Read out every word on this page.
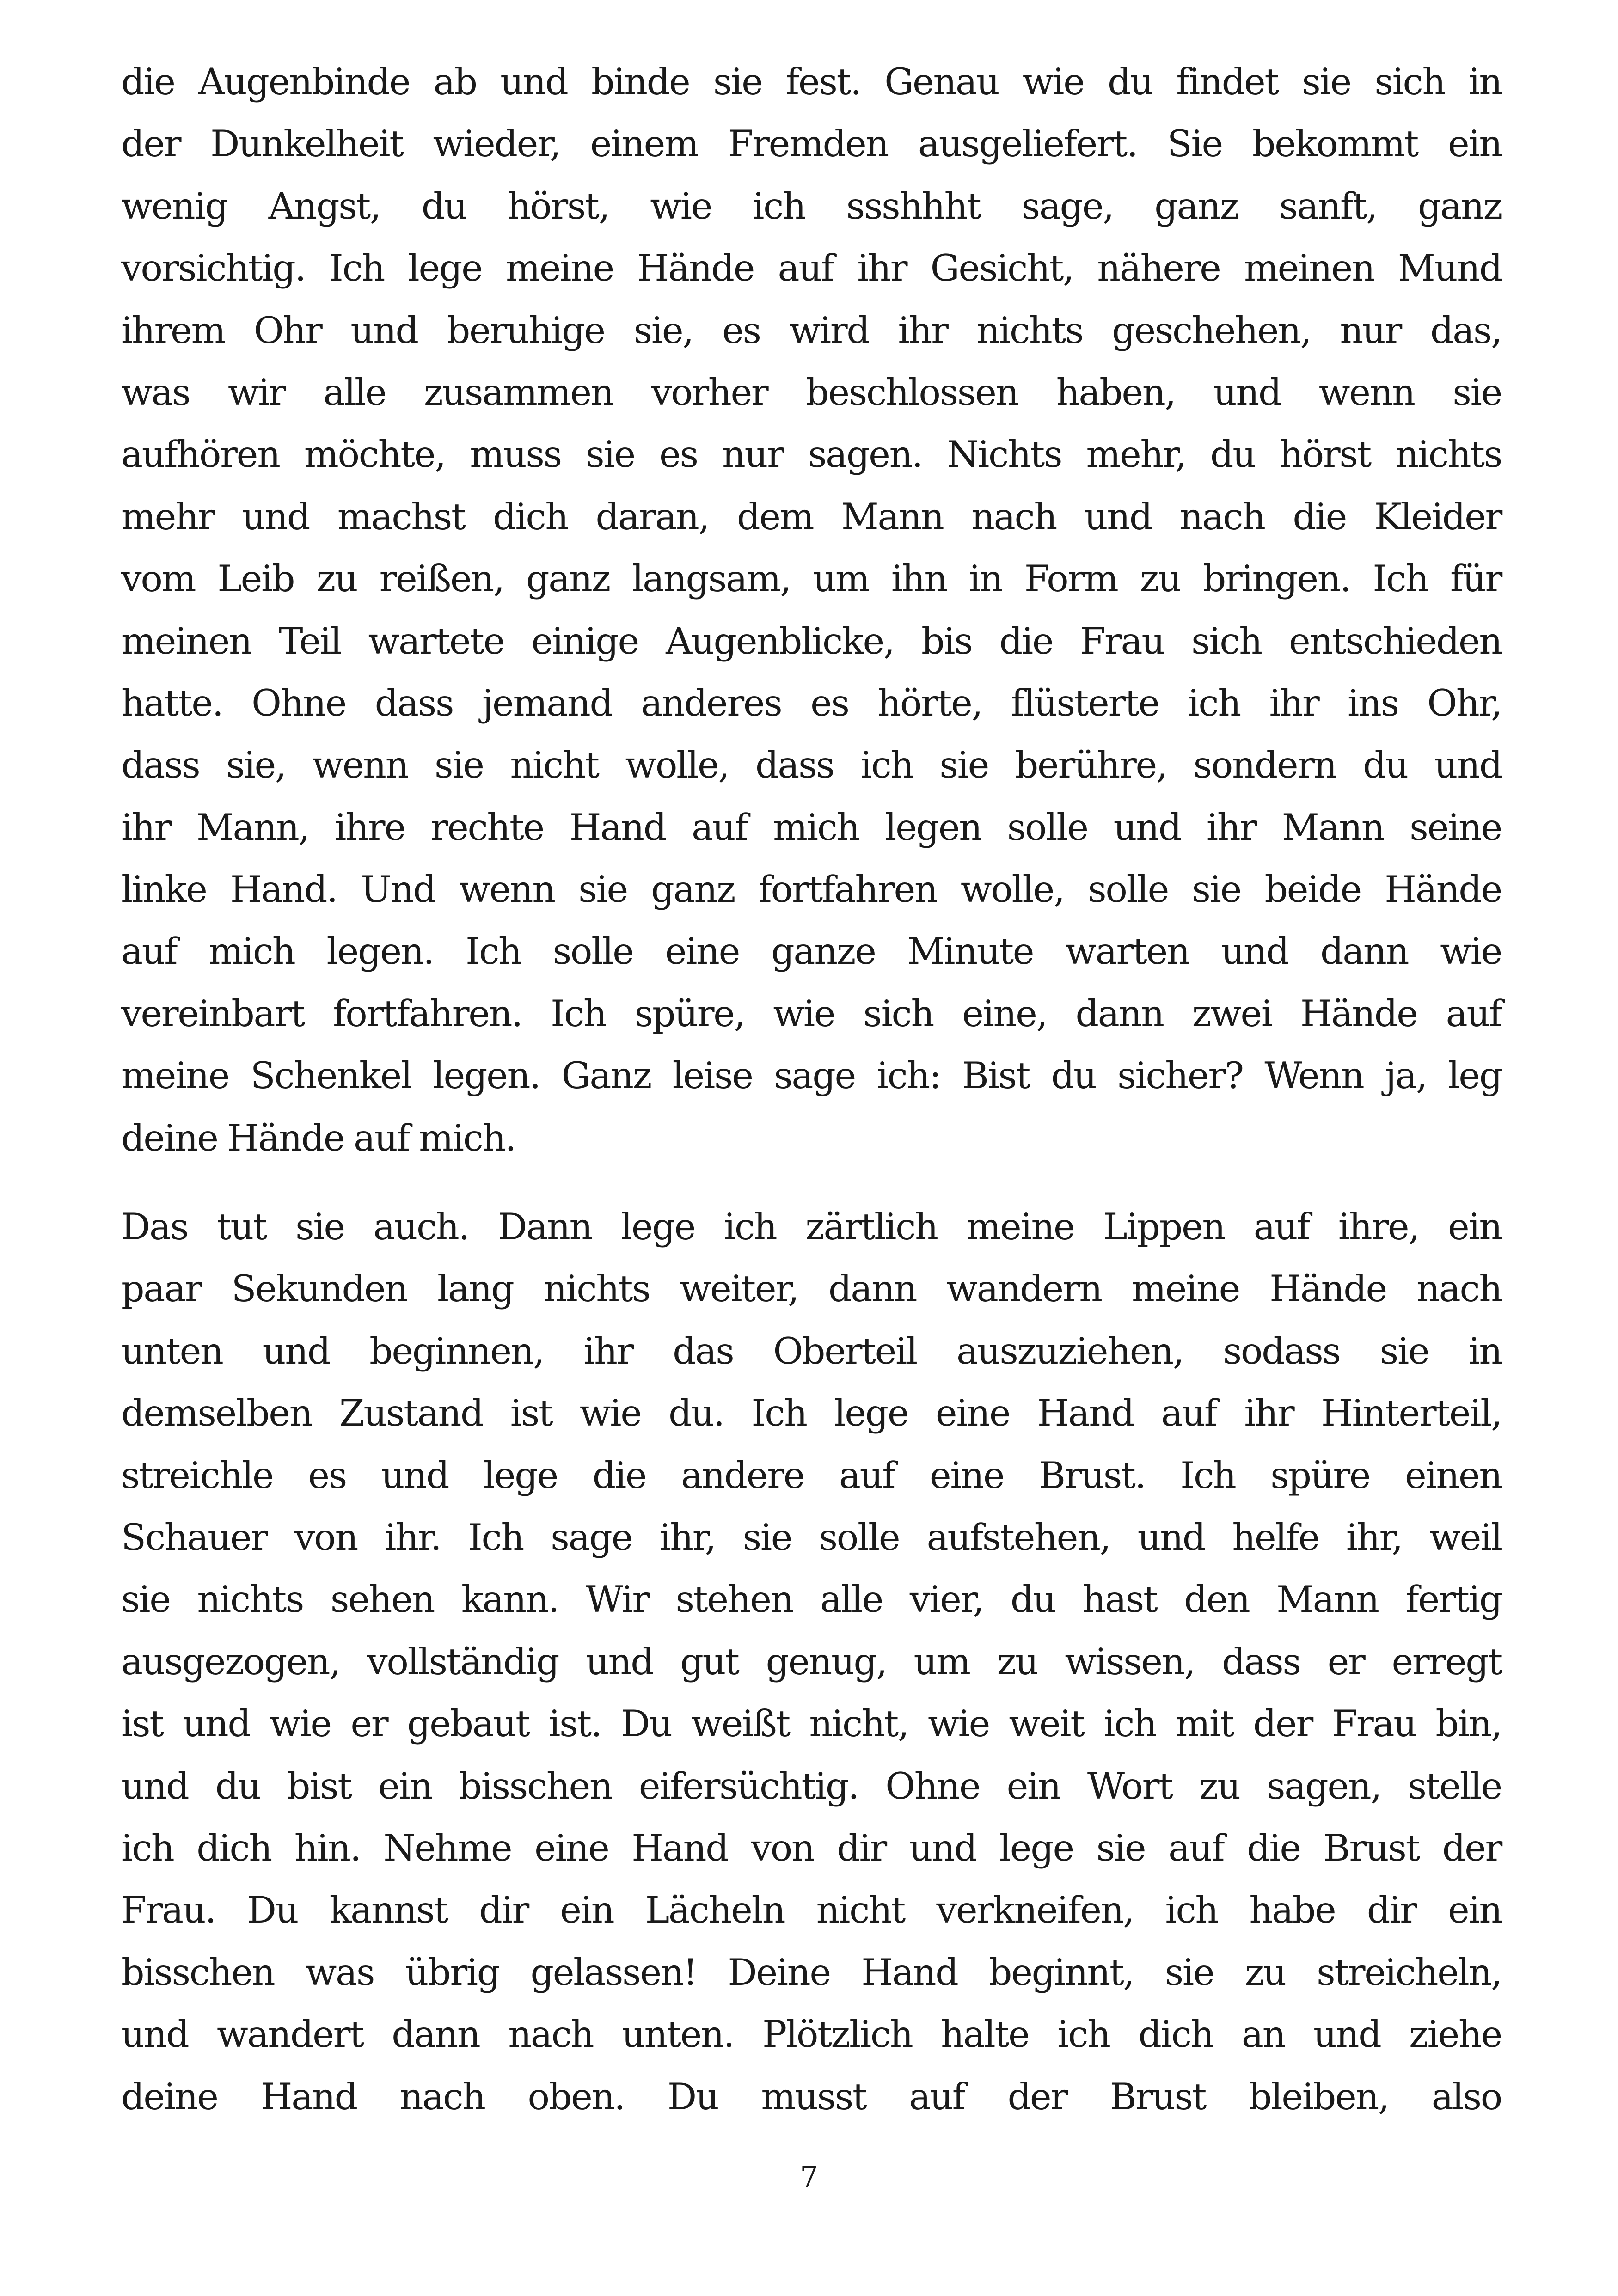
die Augenbinde ab und binde sie fest. Genau wie du findet sie sich in
der Dunkelheit wieder, einem Fremden ausgeliefert. Sie bekommt ein
wenig Angst, du hörst, wie ich ssshhht sage, ganz sanft, ganz
vorsichtig. Ich lege meine Hände auf ihr Gesicht, nähere meinen Mund
ihrem Ohr und beruhige sie, es wird ihr nichts geschehen, nur das,
was wir alle zusammen vorher beschlossen haben, und wenn sie
aufhören möchte, muss sie es nur sagen. Nichts mehr, du hörst nichts
mehr und machst dich daran, dem Mann nach und nach die Kleider
vom Leib zu reißen, ganz langsam, um ihn in Form zu bringen. Ich für
meinen Teil wartete einige Augenblicke, bis die Frau sich entschieden
hatte. Ohne dass jemand anderes es hörte, flüsterte ich ihr ins Ohr,
dass sie, wenn sie nicht wolle, dass ich sie berühre, sondern du und
ihr Mann, ihre rechte Hand auf mich legen solle und ihr Mann seine
linke Hand. Und wenn sie ganz fortfahren wolle, solle sie beide Hände
auf mich legen. Ich solle eine ganze Minute warten und dann wie
vereinbart fortfahren. Ich spüre, wie sich eine, dann zwei Hände auf
meine Schenkel legen. Ganz leise sage ich: Bist du sicher? Wenn ja, leg
deine Hände auf mich.
Das tut sie auch. Dann lege ich zärtlich meine Lippen auf ihre, ein
paar Sekunden lang nichts weiter, dann wandern meine Hände nach
unten und beginnen, ihr das Oberteil auszuziehen, sodass sie in
demselben Zustand ist wie du. Ich lege eine Hand auf ihr Hinterteil,
streichle es und lege die andere auf eine Brust. Ich spüre einen
Schauer von ihr. Ich sage ihr, sie solle aufstehen, und helfe ihr, weil
sie nichts sehen kann. Wir stehen alle vier, du hast den Mann fertig
ausgezogen, vollständig und gut genug, um zu wissen, dass er erregt
ist und wie er gebaut ist. Du weißt nicht, wie weit ich mit der Frau bin,
und du bist ein bisschen eifersüchtig. Ohne ein Wort zu sagen, stelle
ich dich hin. Nehme eine Hand von dir und lege sie auf die Brust der
Frau. Du kannst dir ein Lächeln nicht verkneifen, ich habe dir ein
bisschen was übrig gelassen! Deine Hand beginnt, sie zu streicheln,
und wandert dann nach unten. Plötzlich halte ich dich an und ziehe
deine Hand nach oben. Du musst auf der Brust bleiben, also
7
